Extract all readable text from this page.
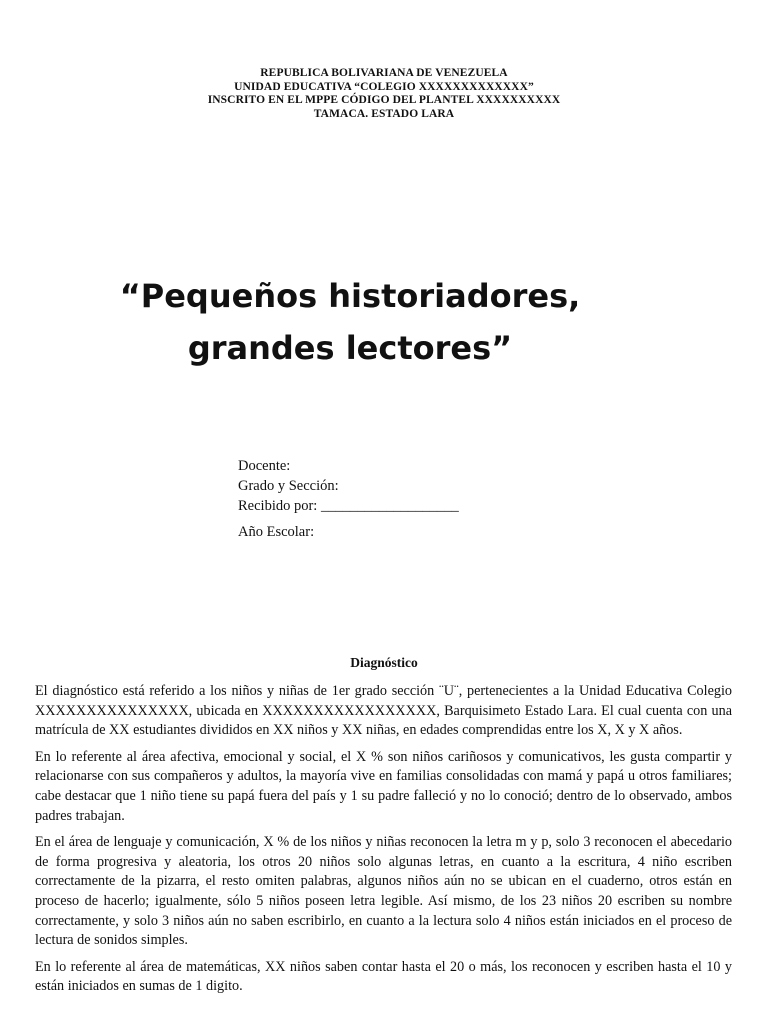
REPUBLICA BOLIVARIANA DE VENEZUELA
UNIDAD EDUCATIVA “COLEGIO XXXXXXXXXXXXX”
INSCRITO EN EL MPPE CÓDIGO DEL PLANTEL XXXXXXXXXX
TAMACA. ESTADO LARA
“Pequeños historiadores,
grandes lectores”
Docente:
Grado y Sección:
Recibido por: ___________________
Año Escolar:
Diagnóstico

El diagnóstico está referido a los niños y niñas de 1er grado sección ¨U¨, pertenecientes a la Unidad Educativa Colegio XXXXXXXXXXXXXXX, ubicada en XXXXXXXXXXXXXXXXX, Barquisimeto Estado Lara. El cual cuenta con una matrícula de XX estudiantes divididos en XX niños y XX niñas, en edades comprendidas entre los X, X y X años.

En lo referente al área afectiva, emocional y social, el X % son niños cariñosos y comunicativos, les gusta compartir y relacionarse con sus compañeros y adultos, la mayoría vive en familias consolidadas con mamá y papá u otros familiares; cabe destacar que 1 niño tiene su papá fuera del país y 1 su padre falleció y no lo conoció; dentro de lo observado, ambos padres trabajan.

En el área de lenguaje y comunicación, X % de los niños y niñas reconocen la letra m y p, solo 3 reconocen el abecedario de forma progresiva y aleatoria, los otros 20 niños solo algunas letras, en cuanto a la escritura, 4 niño escriben correctamente de la pizarra, el resto omiten palabras, algunos niños aún no se ubican en el cuaderno, otros están en proceso de hacerlo; igualmente, sólo 5 niños poseen letra legible. Así mismo, de los 23 niños 20 escriben su nombre correctamente, y solo 3 niños aún no saben escribirlo, en cuanto a la lectura solo 4 niños están iniciados en el proceso de lectura de sonidos simples.

En lo referente al área de matemáticas, XX niños saben contar hasta el 20 o más, los reconocen y escriben hasta el 10 y están iniciados en sumas de 1 digito.
